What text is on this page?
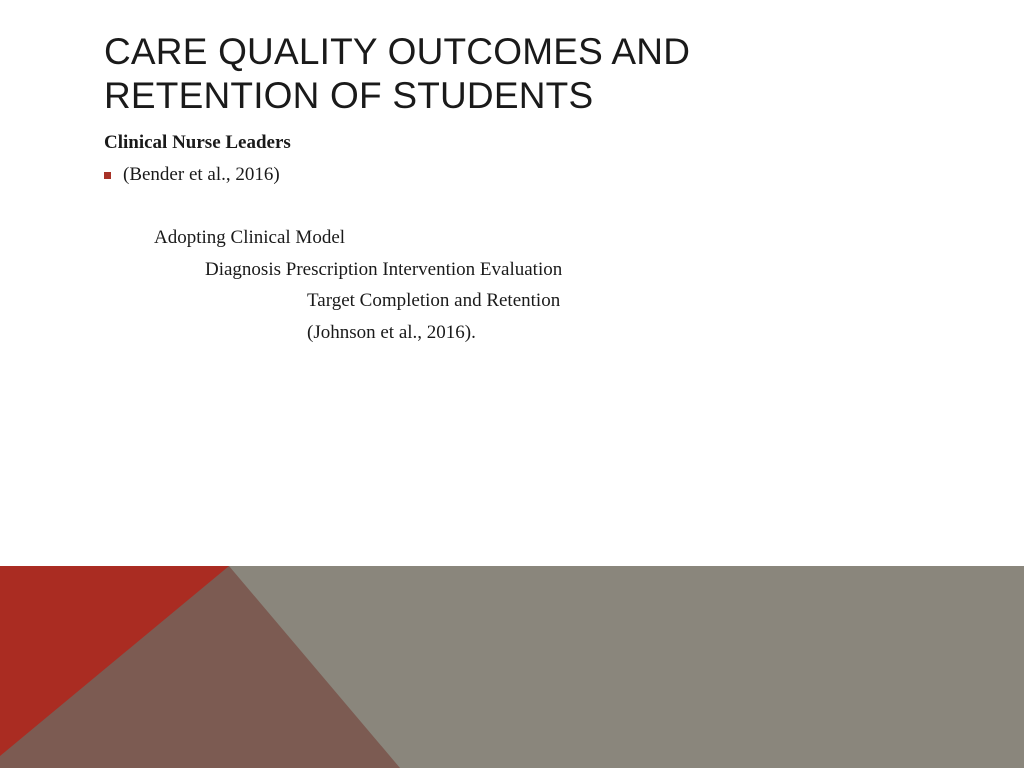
CARE QUALITY OUTCOMES AND
RETENTION OF STUDENTS
Clinical Nurse Leaders
(Bender et al., 2016)
Adopting Clinical Model
Diagnosis Prescription Intervention Evaluation
Target Completion and Retention
(Johnson et al., 2016).
